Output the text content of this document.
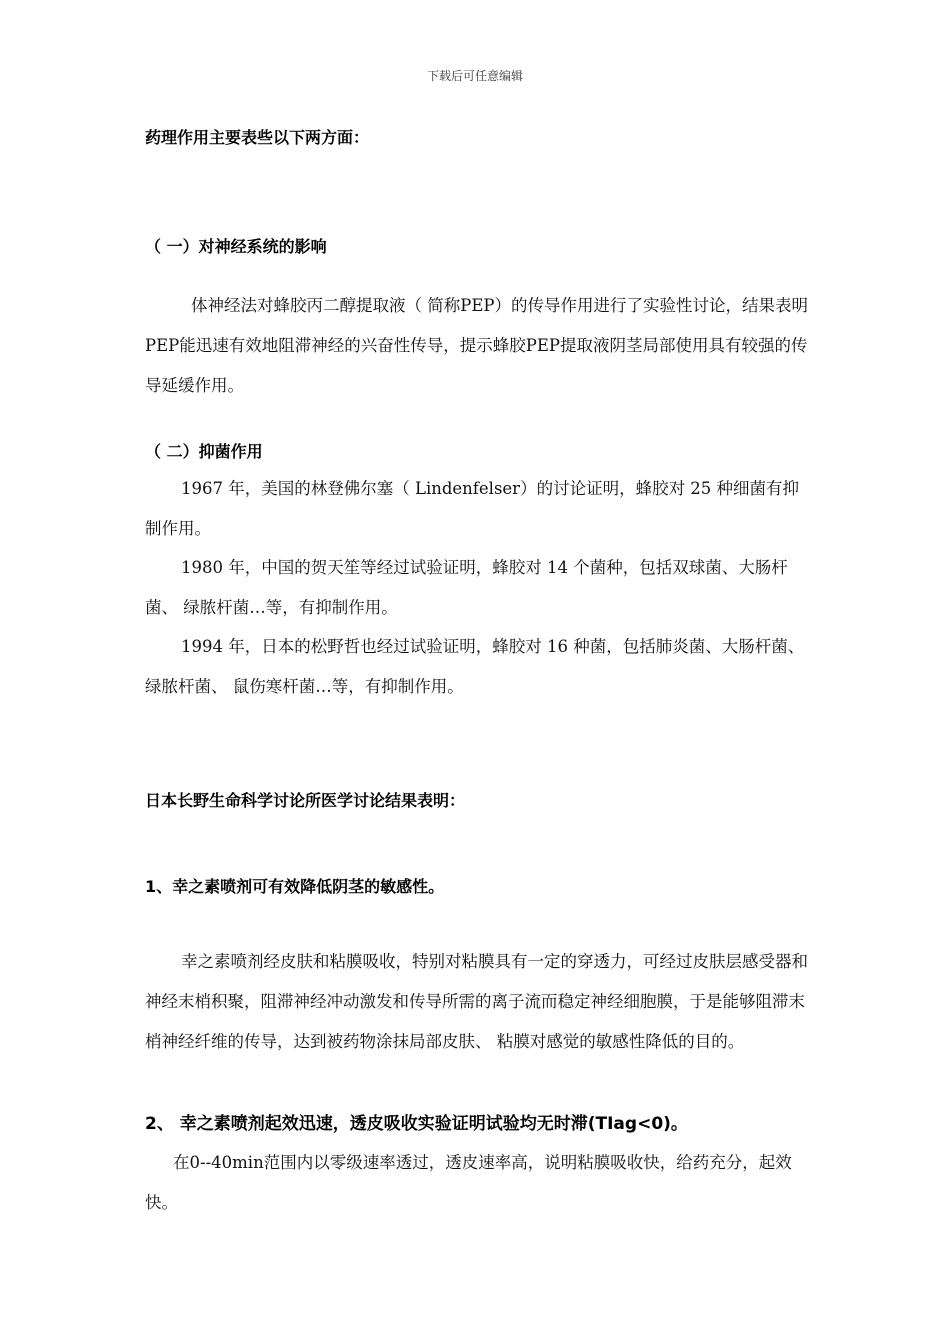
下载后可任意编辑
药理作用主要表些以下两方面：
（ 一）对神经系统的影响

体神经法对蜂胶丙二醇提取液（ 简称PEP）的传导作用进行了实验性讨论，结果表明PEP能迅速有效地阻滞神经的兴奋性传导，提示蜂胶PEP提取液阴茎局部使用具有较强的传导延缓作用。

（ 二）抑菌作用

1967 年，美国的林登佛尔塞（ Lindenfelser）的讨论证明，蜂胶对 25 种细菌有抑制作用。

1980 年，中国的贺天笙等经过试验证明，蜂胶对 14 个菌种，包括双球菌、大肠杆菌、 绿脓杆菌…等，有抑制作用。

1994 年，日本的松野哲也经过试验证明，蜂胶对 16 种菌，包括肺炎菌、大肠杆菌、 绿脓杆菌、 鼠伤寒杆菌…等，有抑制作用。

日本长野生命科学讨论所医学讨论结果表明：
1、幸之素喷剂可有效降低阴茎的敏感性。

幸之素喷剂经皮肤和粘膜吸收，特别对粘膜具有一定的穿透力，可经过皮肤层感受器和神经末梢积聚，阻滞神经冲动激发和传导所需的离子流而稳定神经细胞膜，于是能够阻滞末梢神经纤维的传导，达到被药物涂抹局部皮肤、 粘膜对感觉的敏感性降低的目的。

2、 幸之素喷剂起效迅速，透皮吸收实验证明试验均无时滞(TIag<0)。

在0--40min范围内以零级速率透过，透皮速率高，说明粘膜吸收快，给药充分，起效快。
